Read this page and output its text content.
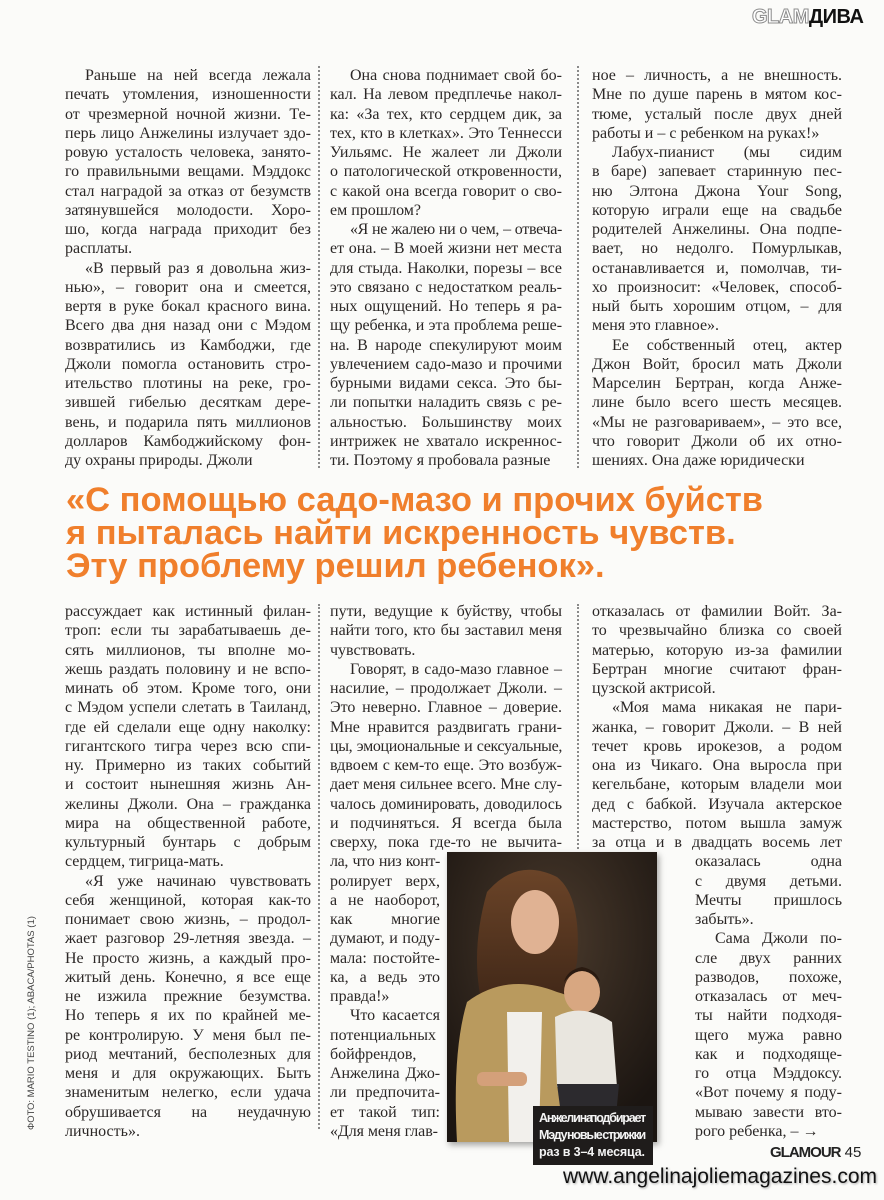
GLAMДИВА
Раньше на ней всегда лежала
печать утомления, изношенности
от чрезмерной ночной жизни. Те-
перь лицо Анжелины излучает здо-
ровую усталость человека, занято-
го правильными вещами. Мэддокс
стал наградой за отказ от безумств
затянувшейся молодости. Хоро-
шо, когда награда приходит без
расплаты.
«В первый раз я довольна жиз-
нью», – говорит она и смеется,
вертя в руке бокал красного вина.
Всего два дня назад они с Мэдом
возвратились из Камбоджи, где
Джоли помогла остановить стро-
ительство плотины на реке, гро-
зившей гибелью десяткам дере-
вень, и подарила пять миллионов
долларов Камбоджийскому фон-
ду охраны природы. Джоли
Она снова поднимает свой бо-
кал. На левом предплечье накол-
ка: «За тех, кто сердцем дик, за
тех, кто в клетках». Это Теннесси
Уильямс. Не жалеет ли Джоли
о патологической откровенности,
с какой она всегда говорит о сво-
ем прошлом?
«Я не жалею ни о чем, – отвеча-
ет она. – В моей жизни нет места
для стыда. Наколки, порезы – все
это связано с недостатком реаль-
ных ощущений. Но теперь я ра-
щу ребенка, и эта проблема реше-
на. В народе спекулируют моим
увлечением садо-мазо и прочими
бурными видами секса. Это бы-
ли попытки наладить связь с ре-
альностью. Большинству моих
интрижек не хватало искреннос-
ти. Поэтому я пробовала разные
ное – личность, а не внешность.
Мне по душе парень в мятом кос-
тюме, усталый после двух дней
работы и – с ребенком на руках!»
Лабух-пианист (мы сидим
в баре) запевает старинную пес-
ню Элтона Джона Your Song,
которую играли еще на свадьбе
родителей Анжелины. Она подпе-
вает, но недолго. Помурлыкав,
останавливается и, помолчав, ти-
хо произносит: «Человек, способ-
ный быть хорошим отцом, – для
меня это главное».
Ее собственный отец, актер
Джон Войт, бросил мать Джоли
Марселин Бертран, когда Анже-
лине было всего шесть месяцев.
«Мы не разговариваем», – это все,
что говорит Джоли об их отно-
шениях. Она даже юридически
рассуждает как истинный филан-
троп: если ты зарабатываешь де-
сять миллионов, ты вполне мо-
жешь раздать половину и не вспо-
минать об этом. Кроме того, они
с Мэдом успели слетать в Таиланд,
где ей сделали еще одну наколку:
гигантского тигра через всю спи-
ну. Примерно из таких событий
и состоит нынешняя жизнь Ан-
желины Джоли. Она – гражданка
мира на общественной работе,
культурный бунтарь с добрым
сердцем, тигрица-мать.
«Я уже начинаю чувствовать
себя женщиной, которая как-то
понимает свою жизнь, – продол-
жает разговор 29-летняя звезда. –
Не просто жизнь, а каждый про-
житый день. Конечно, я все еще
не изжила прежние безумства.
Но теперь я их по крайней ме-
ре контролирую. У меня был пе-
риод мечтаний, бесполезных для
меня и для окружающих. Быть
знаменитым нелегко, если удача
обрушивается на неудачную
личность».
пути, ведущие к буйству, чтобы
найти того, кто бы заставил меня
чувствовать.
Говорят, в садо-мазо главное –
насилие, – продолжает Джоли. –
Это неверно. Главное – доверие.
Мне нравится раздвигать грани-
цы, эмоциональные и сексуальные,
вдвоем с кем-то еще. Это возбуж-
дает меня сильнее всего. Мне слу-
чалось доминировать, доводилось
и подчиняться. Я всегда была
сверху, пока где-то не вычита-
ла, что низ конт-
ролирует верх,
а не наоборот,
как многие
думают, и поду-
мала: постойте-
ка, а ведь это
правда!»
Что касается
потенциальных
бойфрендов,
Анжелина Джо-
ли предпочита-
ет такой тип:
«Для меня глав-
отказалась от фамилии Войт. За-
то чрезвычайно близка со своей
матерью, которую из-за фамилии
Бертран многие считают фран-
цузской актрисой.
«Моя мама никакая не пари-
жанка, – говорит Джоли. – В ней
течет кровь ирокезов, а родом
она из Чикаго. Она выросла при
кегельбане, которым владели мои
дед с бабкой. Изучала актерское
мастерство, потом вышла замуж
за отца и в двадцать восемь лет
оказалась одна
с двумя детьми.
Мечты пришлось
забыть».
Сама Джоли по-
сле двух ранних
разводов, похоже,
отказалась от меч-
ты найти подходя-
щего мужа равно
как и подходяще-
го отца Мэддоксу.
«Вот почему я поду-
мываю завести вто-
рого ребенка, – →
«С помощью садо-мазо и прочих буйств
я пыталась найти искренность чувств.
Эту проблему решил ребенок».
Анжелина подбирает
Мэду новые стрижки
раз в 3–4 месяца.
ФОТО: MARIO TESTINO (1); ABACA/PHOTAS (1)
GLAMOUR 45
www.angelinajoliemagazines.com
